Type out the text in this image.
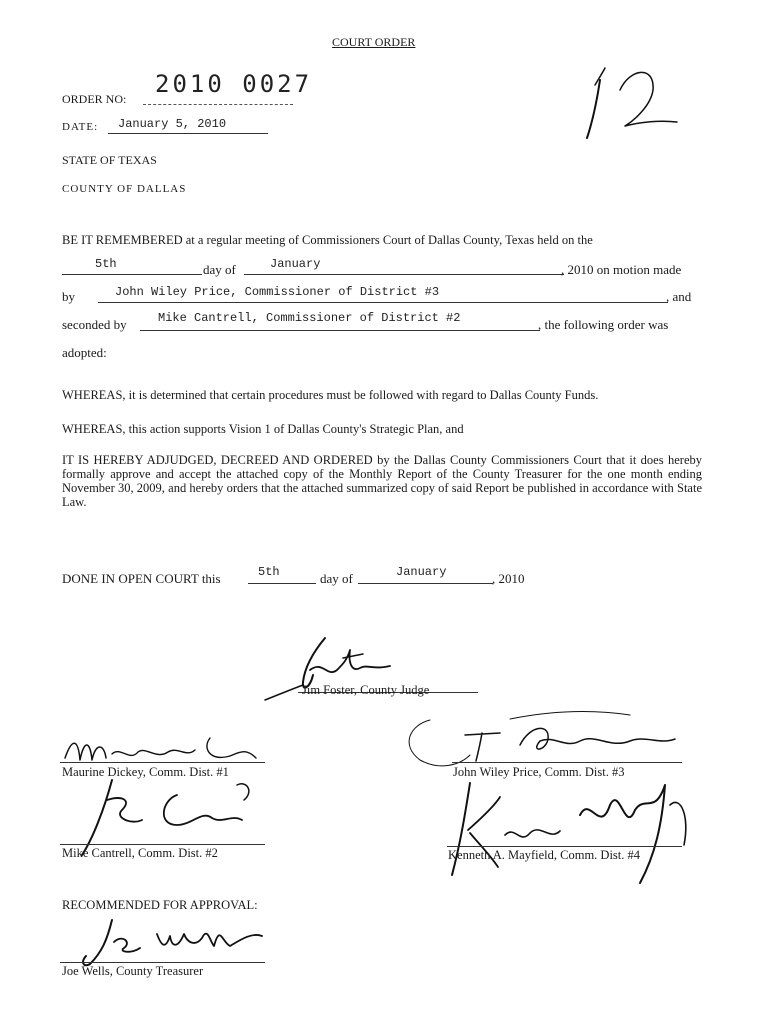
COURT ORDER
ORDER NO:
2010 0027
DATE: January 5, 2010
STATE OF TEXAS
COUNTY OF DALLAS
BE IT REMEMBERED at a regular meeting of Commissioners Court of Dallas County, Texas held on the
5th	day of	January	, 2010 on motion made
by	John Wiley Price, Commissioner of District #3	, and
seconded by	Mike Cantrell, Commissioner of District #2	, the following order was
adopted:
WHEREAS, it is determined that certain procedures must be followed with regard to Dallas County Funds.
WHEREAS, this action supports Vision 1 of Dallas County's Strategic Plan, and
IT IS HEREBY ADJUDGED, DECREED AND ORDERED by the Dallas County Commissioners Court that it does hereby formally approve and accept the attached copy of the Monthly Report of the County Treasurer for the one month ending November 30, 2009, and hereby orders that the attached summarized copy of said Report be published in accordance with State Law.
DONE IN OPEN COURT this	5th	day of	January	, 2010
Jim Foster, County Judge
Maurine Dickey, Comm. Dist. #1	John Wiley Price, Comm. Dist. #3
Mike Cantrell, Comm. Dist. #2	Kenneth A. Mayfield, Comm. Dist. #4
RECOMMENDED FOR APPROVAL:
Joe Wells, County Treasurer
